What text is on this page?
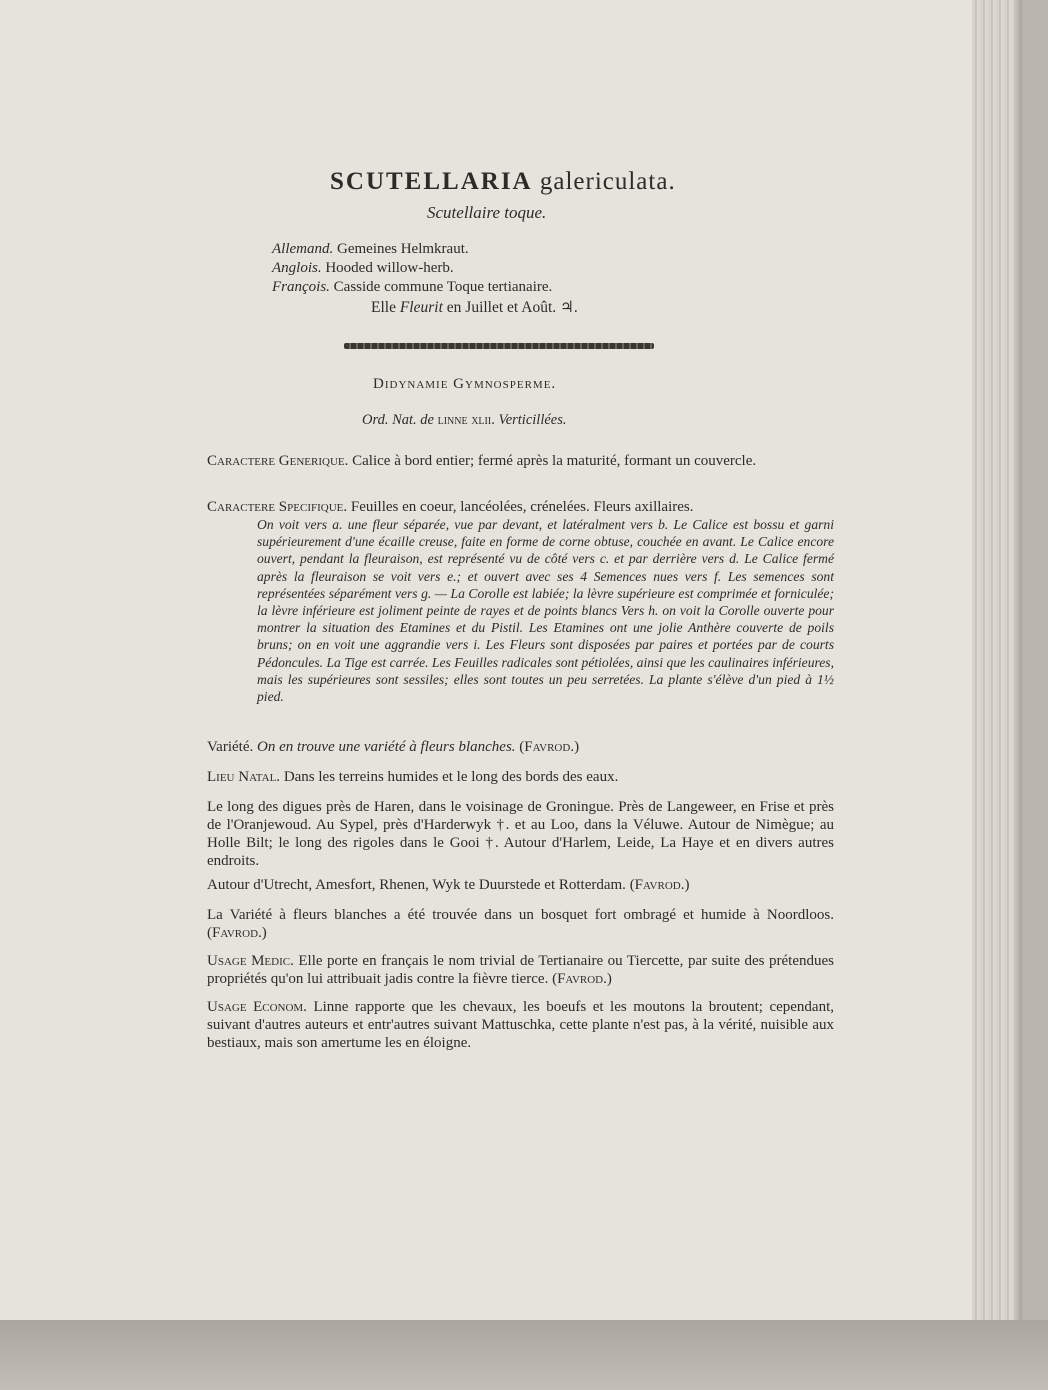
SCUTELLARIA galericulata.
Scutellaire toque.
Allemand. Gemeines Helmkraut.
Anglois. Hooded willow-herb.
François. Casside commune Toque tertianaire.
Elle Fleurit en Juillet et Août. ♃.
Didynamie Gymnosperme.
Ord. Nat. de linne xlii. Verticillées.
Caractere Generique. Calice à bord entier; fermé après la maturité, formant un couvercle.
Caractere Specifique. Feuilles en coeur, lancéolées, crénelées. Fleurs axillaires.
On voit vers a. une fleur séparée, vue par devant, et latéralment vers b. Le Calice est bossu et garni supérieurement d'une écaille creuse, faite en forme de corne obtuse, couchée en avant. Le Calice encore ouvert, pendant la fleuraison, est représenté vu de côté vers c. et par derrière vers d. Le Calice fermé après la fleuraison se voit vers e.; et ouvert avec ses 4 Semences nues vers f. Les semences sont représentées séparément vers g. — La Corolle est labiée; la lèvre supérieure est comprimée et forniculée; la lèvre inférieure est joliment peinte de rayes et de points blancs Vers h. on voit la Corolle ouverte pour montrer la situation des Etamines et du Pistil. Les Etamines ont une jolie Anthère couverte de poils bruns; on en voit une aggrandie vers i. Les Fleurs sont disposées par paires et portées par de courts Pédoncules. La Tige est carrée. Les Feuilles radicales sont pétiolées, ainsi que les caulinaires inférieures, mais les supérieures sont sessiles; elles sont toutes un peu serretées. La plante s'élève d'un pied à 1½ pied.
Variété. On en trouve une variété à fleurs blanches. (Favrod.)
Lieu Natal. Dans les terreins humides et le long des bords des eaux.
Le long des digues près de Haren, dans le voisinage de Groningue. Près de Langeweer, en Frise et près de l'Oranjewoud. Au Sypel, près d'Harderwyk †. et au Loo, dans la Véluwe. Autour de Nimègue; au Holle Bilt; le long des rigoles dans le Gooi †. Autour d'Harlem, Leide, La Haye et en divers autres endroits.
Autour d'Utrecht, Amesfort, Rhenen, Wyk te Duurstede et Rotterdam. (Favrod.)
La Variété à fleurs blanches a été trouvée dans un bosquet fort ombragé et humide à Noordloos. (Favrod.)
Usage Medic. Elle porte en français le nom trivial de Tertianaire ou Tiercette, par suite des prétendues propriétés qu'on lui attribuait jadis contre la fièvre tierce. (Favrod.)
Usage Econom. Linne rapporte que les chevaux, les boeufs et les moutons la broutent; cependant, suivant d'autres auteurs et entr'autres suivant Mattuschka, cette plante n'est pas, à la vérité, nuisible aux bestiaux, mais son amertume les en éloigne.
